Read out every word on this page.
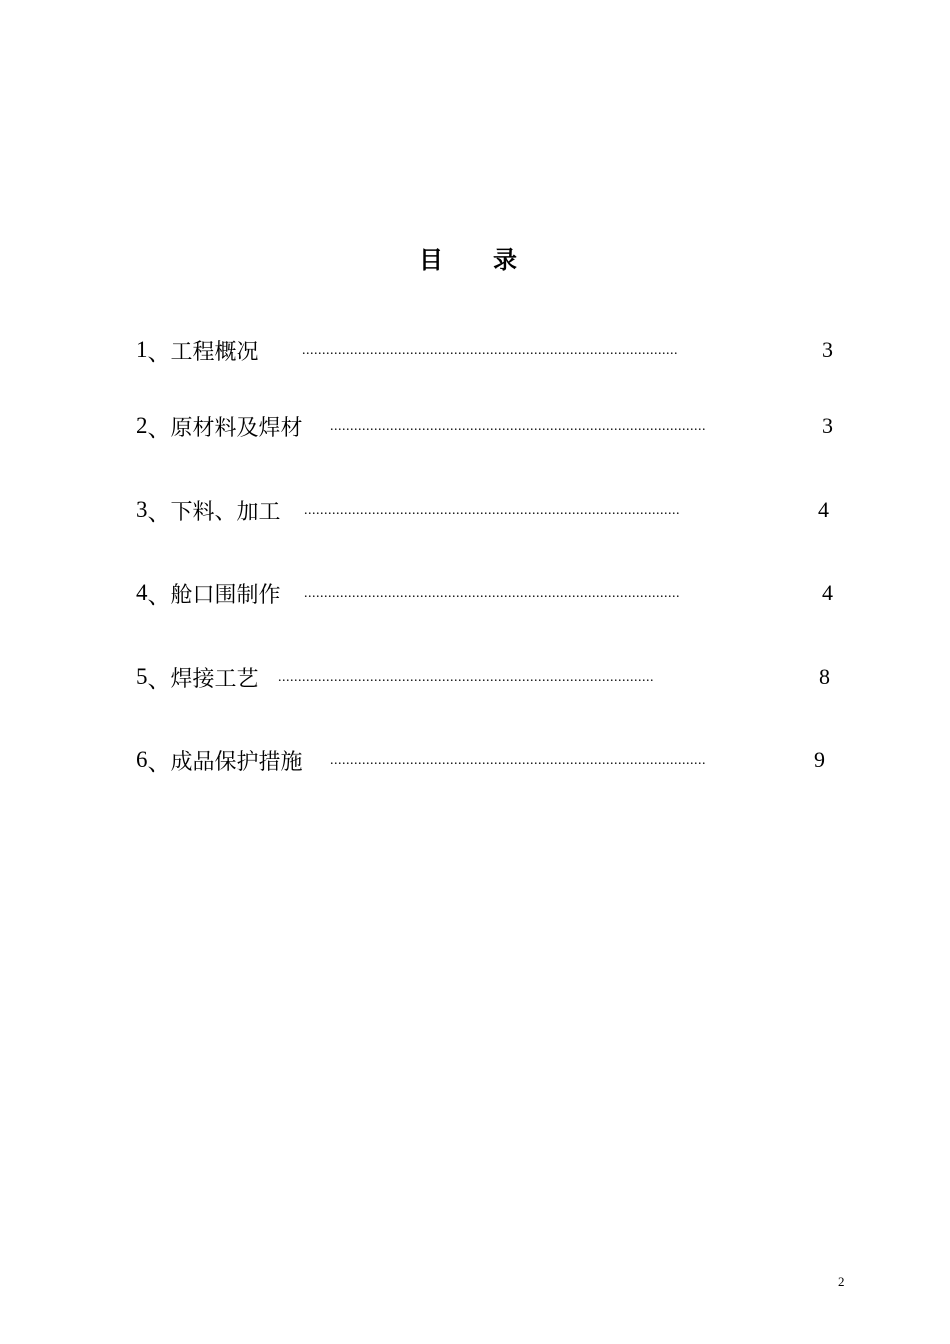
目录
1 、 工程概况	..............................................................................................	3
2 、 原材料及焊材 ..............................................................................................	3
3 、 下料、加工 ..............................................................................................	4
4 、 舱口围制作 ..............................................................................................	4
5 、 焊接工艺 ..............................................................................................	8
6 、 成品保护措施 ..............................................................................................	9
2
